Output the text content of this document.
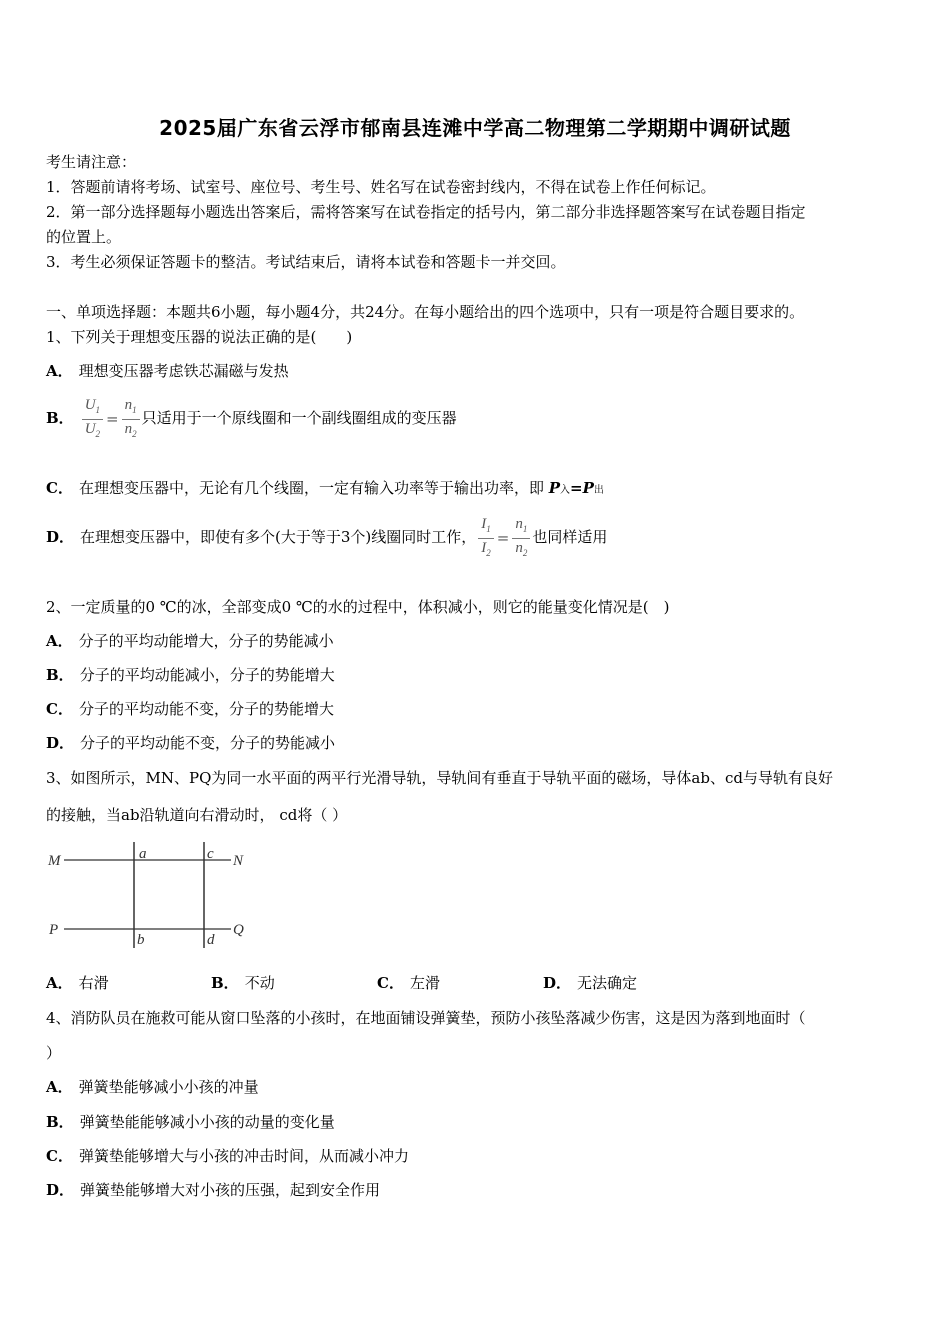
2025届广东省云浮市郁南县连滩中学高二物理第二学期期中调研试题
考生请注意：
1．答题前请将考场、试室号、座位号、考生号、姓名写在试卷密封线内，不得在试卷上作任何标记。
2．第一部分选择题每小题选出答案后，需将答案写在试卷指定的括号内，第二部分非选择题答案写在试卷题目指定
的位置上。
3．考生必须保证答题卡的整洁。考试结束后，请将本试卷和答题卡一并交回。
一、单项选择题：本题共6小题，每小题4分，共24分。在每小题给出的四个选项中，只有一项是符合题目要求的。
1、下列关于理想变压器的说法正确的是(　　)
A． 理想变压器考虑铁芯漏磁与发热
B． $\frac{U_1}{U_2} = \frac{n_1}{n_2}$ 只适用于一个原线圈和一个副线圈组成的变压器
C． 在理想变压器中，无论有几个线圈，一定有输入功率等于输出功率，即 P入=P出
D． 在理想变压器中，即使有多个(大于等于3个)线圈同时工作， $\frac{I_1}{I_2} = \frac{n_1}{n_2}$ 也同样适用
2、一定质量的0 ℃的冰，全部变成0 ℃的水的过程中，体积减小，则它的能量变化情况是(　)
A． 分子的平均动能增大，分子的势能减小
B． 分子的平均动能减小，分子的势能增大
C． 分子的平均动能不变，分子的势能增大
D． 分子的平均动能不变，分子的势能减小
3、如图所示，MN、PQ为同一水平面的两平行光滑导轨，导轨间有垂直于导轨平面的磁场，导体ab、cd与导轨有良好
的接触，当ab沿轨道向右滑动时， cd将（ ）
M	N
P	Q
a	c
b	d
A． 右滑	B． 不动	C． 左滑	D． 无法确定
4、消防队员在施救可能从窗口坠落的小孩时，在地面铺设弹簧垫，预防小孩坠落减少伤害，这是因为落到地面时（
）
A． 弹簧垫能够减小小孩的冲量
B． 弹簧垫能能够减小小孩的动量的变化量
C． 弹簧垫能够增大与小孩的冲击时间，从而减小冲力
D． 弹簧垫能够增大对小孩的压强，起到安全作用
